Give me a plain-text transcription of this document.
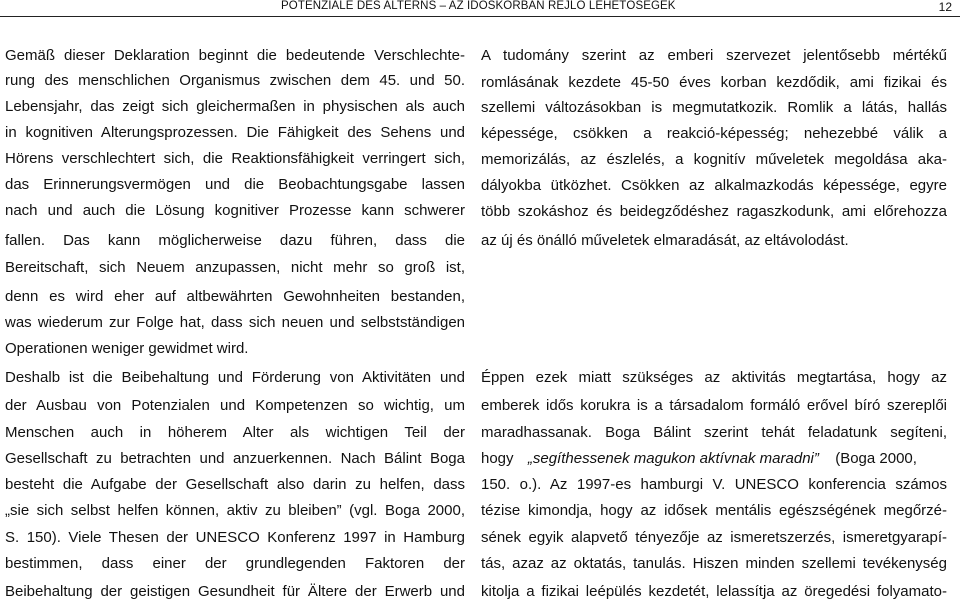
POTENZIALE DES ALTERNS – AZ IDŐSKORBAN REJLŐ LEHETŐSÉGEK	12
Gemäß dieser Deklaration beginnt die bedeutende Verschlechte-
rung des menschlichen Organismus zwischen dem 45. und 50.
Lebensjahr, das zeigt sich gleichermaßen in physischen als auch
in kognitiven Alterungsprozessen. Die Fähigkeit des Sehens und
Hörens verschlechtert sich, die Reaktionsfähigkeit verringert sich,
das Erinnerungsvermögen und die Beobachtungsgabe lassen
nach und auch die Lösung kognitiver Prozesse kann schwerer
fallen. Das kann möglicherweise dazu führen, dass die
Bereitschaft, sich Neuem anzupassen, nicht mehr so groß ist,
denn es wird eher auf altbewährten Gewohnheiten bestanden,
was wiederum zur Folge hat, dass sich neuen und selbstständigen
Operationen weniger gewidmet wird.
Deshalb ist die Beibehaltung und Förderung von Aktivitäten und
der Ausbau von Potenzialen und Kompetenzen so wichtig, um
Menschen auch in höherem Alter als wichtigen Teil der
Gesellschaft zu betrachten und anzuerkennen. Nach Bálint Boga
besteht die Aufgabe der Gesellschaft also darin zu helfen, dass
„sie sich selbst helfen können, aktiv zu bleiben” (vgl. Boga 2000,
S. 150). Viele Thesen der UNESCO Konferenz 1997 in Hamburg
bestimmen, dass einer der grundlegenden Faktoren der
Beibehaltung der geistigen Gesundheit für Ältere der Erwerb und
A tudomány szerint az emberi szervezet jelentősebb mértékű
romlásának kezdete 45-50 éves korban kezdődik, ami fizikai és
szellemi változásokban is megmutatkozik. Romlik a látás, hallás
képessége, csökken a reakció-képesség; nehezebbé válik a
memorizálás, az észlelés, a kognitív műveletek megoldása aka-
dályokba ütközhet. Csökken az alkalmazkodás képessége, egyre
több szokáshoz és beidegződéshez ragaszkodunk, ami előrehozza
az új és önálló műveletek elmaradását, az eltávolodást.
Éppen ezek miatt szükséges az aktivitás megtartása, hogy az
emberek idős korukra is a társadalom formáló erővel bíró szereplői
maradhassanak. Boga Bálint szerint tehát feladatunk segíteni,
hogy „segíthessenek magukon aktívnak maradni” (Boga 2000,
150. o.). Az 1997-es hamburgi V. UNESCO konferencia számos
tézise kimondja, hogy az idősek mentális egészségének megőrzé-
sének egyik alapvető tényezője az ismeretszerzés, ismeretgyarapí-
tás, azaz az oktatás, tanulás. Hiszen minden szellemi tevékenység
kitolja a fizikai leépülés kezdetét, lelassítja az öregedési folyamato-
